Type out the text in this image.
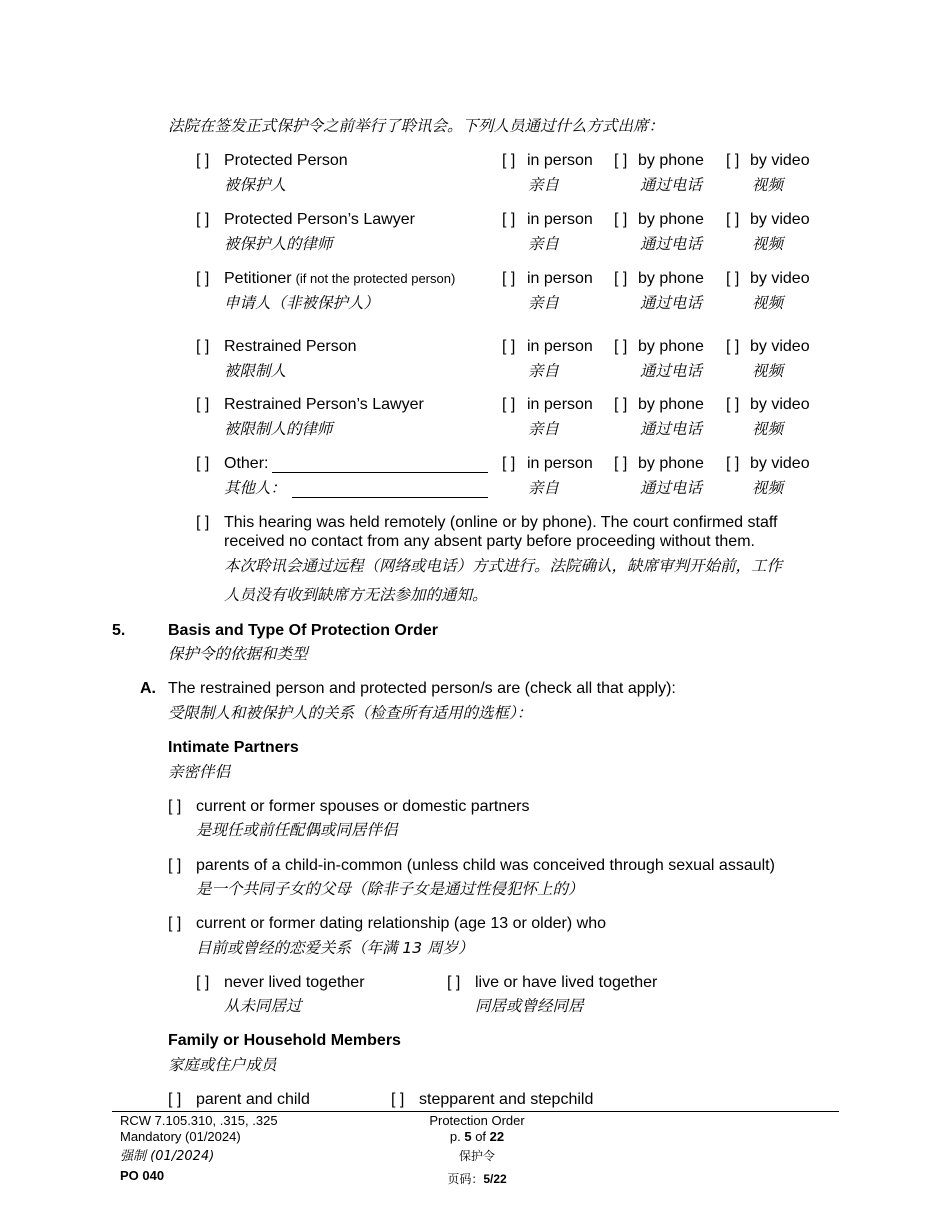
法院在签发正式保护令之前举行了聆讯会。下列人员通过什么方式出席：
[ ] Protected Person
被保护人
[ ] in person
亲自
[ ] by phone
通过电话
[ ] by video
视频
[ ] Protected Person’s Lawyer
被保护人的律师
[ ] in person
亲自
[ ] by phone
通过电话
[ ] by video
视频
[ ] Petitioner (if not the protected person)
申请人（非被保护人）
[ ] in person
亲自
[ ] by phone
通过电话
[ ] by video
视频
[ ] Restrained Person
被限制人
[ ] in person
亲自
[ ] by phone
通过电话
[ ] by video
视频
[ ] Restrained Person’s Lawyer
被限制人的律师
[ ] in person
亲自
[ ] by phone
通过电话
[ ] by video
视频
[ ] Other:
其他人：
[ ] in person
亲自
[ ] by phone
通过电话
[ ] by video
视频
[ ] This hearing was held remotely (online or by phone). The court confirmed staff
received no contact from any absent party before proceeding without them.
本次聆讯会通过远程（网络或电话）方式进行。法院确认，缺席审判开始前，工作
人员没有收到缺席方无法参加的通知。
5.	Basis and Type Of Protection Order
保护令的依据和类型
A. The restrained person and protected person/s are (check all that apply):
受限制人和被保护人的关系（检查所有适用的选框）：
Intimate Partners
亲密伴侣
[ ] current or former spouses or domestic partners
是现任或前任配偶或同居伴侣
[ ] parents of a child-in-common (unless child was conceived through sexual assault)
是一个共同子女的父母（除非子女是通过性侵犯怀上的）
[ ] current or former dating relationship (age 13 or older) who
目前或曾经的恋爱关系（年满 13 周岁）
[ ] never lived together
从未同居过
[ ] live or have lived together
同居或曾经同居
Family or Household Members
家庭或住户成员
[ ] parent and child	[ ] stepparent and stepchild
RCW 7.105.310, .315, .325
Mandatory (01/2024)
强制 (01/2024)
PO 040
Protection Order
p. 5 of 22
保护令
页码：5/22
